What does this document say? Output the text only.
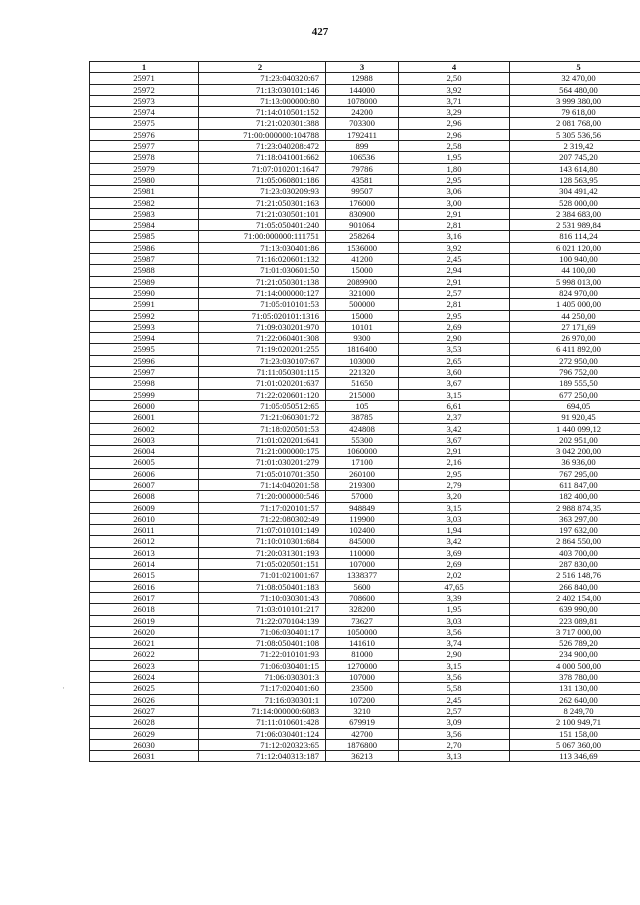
427
1	2	3	4	5
25971	71:23:040320:67	12988	2,50	32 470,00
25972	71:13:030101:146	144000	3,92	564 480,00
25973	71:13:000000:80	1078000	3,71	3 999 380,00
25974	71:14:010501:152	24200	3,29	79 618,00
25975	71:21:020301:388	703300	2,96	2 081 768,00
25976	71:00:000000:104788	1792411	2,96	5 305 536,56
25977	71:23:040208:472	899	2,58	2 319,42
25978	71:18:041001:662	106536	1,95	207 745,20
25979	71:07:010201:1647	79786	1,80	143 614,80
25980	71:05:060801:186	43581	2,95	128 563,95
25981	71:23:030209:93	99507	3,06	304 491,42
25982	71:21:050301:163	176000	3,00	528 000,00
25983	71:21:030501:101	830900	2,91	2 384 683,00
25984	71:05:050401:240	901064	2,81	2 531 989,84
25985	71:00:000000:111751	258264	3,16	816 114,24
25986	71:13:030401:86	1536000	3,92	6 021 120,00
25987	71:16:020601:132	41200	2,45	100 940,00
25988	71:01:030601:50	15000	2,94	44 100,00
25989	71:21:050301:138	2089900	2,91	5 998 013,00
25990	71:14:000000:127	321000	2,57	824 970,00
25991	71:05:010101:53	500000	2,81	1 405 000,00
25992	71:05:020101:1316	15000	2,95	44 250,00
25993	71:09:030201:970	10101	2,69	27 171,69
25994	71:22:060401:308	9300	2,90	26 970,00
25995	71:19:020201:255	1816400	3,53	6 411 892,00
25996	71:23:030107:67	103000	2,65	272 950,00
25997	71:11:050301:115	221320	3,60	796 752,00
25998	71:01:020201:637	51650	3,67	189 555,50
25999	71:22:020601:120	215000	3,15	677 250,00
26000	71:05:050512:65	105	6,61	694,05
26001	71:21:060301:72	38785	2,37	91 920,45
26002	71:18:020501:53	424808	3,42	1 440 099,12
26003	71:01:020201:641	55300	3,67	202 951,00
26004	71:21:000000:175	1060000	2,91	3 042 200,00
26005	71:01:030201:279	17100	2,16	36 936,00
26006	71:05:010701:350	260100	2,95	767 295,00
26007	71:14:040201:58	219300	2,79	611 847,00
26008	71:20:000000:546	57000	3,20	182 400,00
26009	71:17:020101:57	948849	3,15	2 988 874,35
26010	71:22:080302:49	119900	3,03	363 297,00
26011	71:07:010101:149	102400	1,94	197 632,00
26012	71:10:010301:684	845000	3,42	2 864 550,00
26013	71:20:031301:193	110000	3,69	403 700,00
26014	71:05:020501:151	107000	2,69	287 830,00
26015	71:01:021001:67	1338377	2,02	2 516 148,76
26016	71:08:050401:183	5600	47,65	266 840,00
26017	71:10:030301:43	708600	3,39	2 402 154,00
26018	71:03:010101:217	328200	1,95	639 990,00
26019	71:22:070104:139	73627	3,03	223 089,81
26020	71:06:030401:17	1050000	3,56	3 717 000,00
26021	71:08:050401:108	141610	3,74	526 789,20
26022	71:22:010101:93	81000	2,90	234 900,00
26023	71:06:030401:15	1270000	3,15	4 000 500,00
26024	71:06:030301:3	107000	3,56	378 780,00
26025	71:17:020401:60	23500	5,58	131 130,00
26026	71:16:030301:1	107200	2,45	262 640,00
26027	71:14:000000:6083	3210	2,57	8 249,70
26028	71:11:010601:428	679919	3,09	2 100 949,71
26029	71:06:030401:124	42700	3,56	151 158,00
26030	71:12:020323:65	1876800	2,70	5 067 360,00
26031	71:12:040313:187	36213	3,13	113 346,69
·
